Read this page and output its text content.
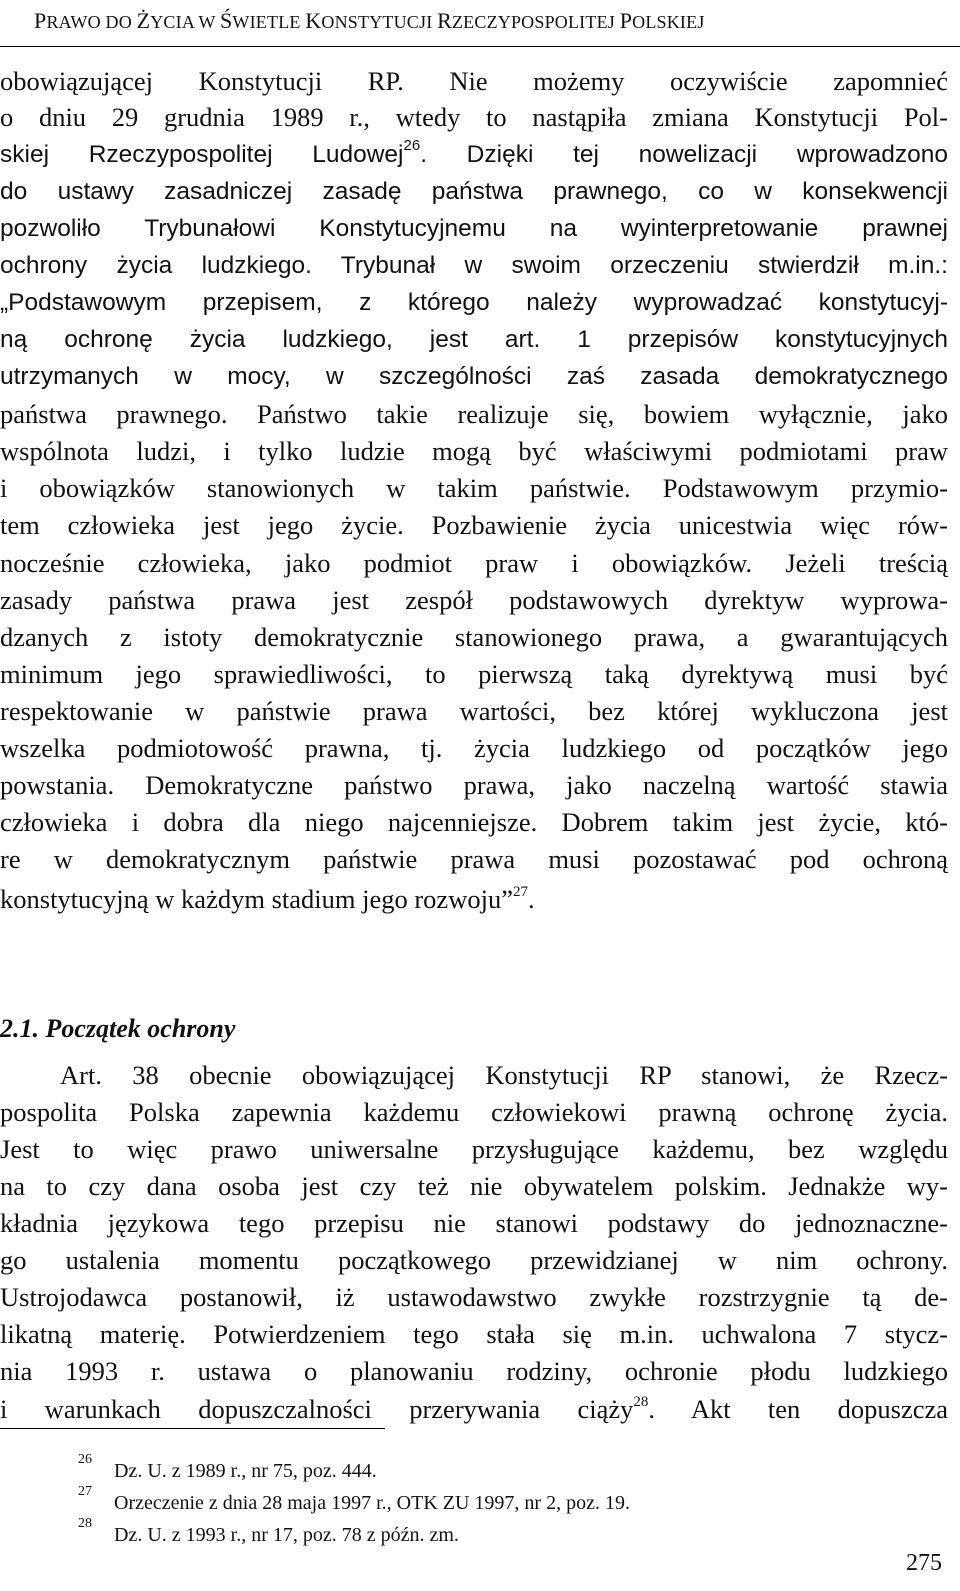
PRAWO DO ŻYCIA W ŚWIETLE KONSTYTUCJI RZECZYPOSPOLITEJ POLSKIEJ
obowiązującej Konstytucji RP. Nie możemy oczywiście zapomnieć
o dniu 29 grudnia 1989 r., wtedy to nastąpiła zmiana Konstytucji Pol-
skiej Rzeczypospolitej Ludowej$^{26}$. Dzięki tej nowelizacji wprowadzono
do ustawy zasadniczej zasadę państwa prawnego, co w konsekwencji
pozwoliło Trybunałowi Konstytucyjnemu na wyinterpretowanie prawnej
ochrony życia ludzkiego. Trybunał w swoim orzeczeniu stwierdził m.in.:
„Podstawowym przepisem, z którego należy wyprowadzać konstytucyj-
ną ochronę życia ludzkiego, jest art. 1 przepisów konstytucyjnych
utrzymanych w mocy, w szczególności zaś zasada demokratycznego
państwa prawnego. Państwo takie realizuje się, bowiem wyłącznie, jako
wspólnota ludzi, i tylko ludzie mogą być właściwymi podmiotami praw
i obowiązków stanowionych w takim państwie. Podstawowym przymio-
tem człowieka jest jego życie. Pozbawienie życia unicestwia więc rów-
nocześnie człowieka, jako podmiot praw i obowiązków. Jeżeli treścią
zasady państwa prawa jest zespół podstawowych dyrektyw wyprowa-
dzanych z istoty demokratycznie stanowionego prawa, a gwarantujących
minimum jego sprawiedliwości, to pierwszą taką dyrektywą musi być
respektowanie w państwie prawa wartości, bez której wykluczona jest
wszelka podmiotowość prawna, tj. życia ludzkiego od początków jego
powstania. Demokratyczne państwo prawa, jako naczelną wartość stawia
człowieka i dobra dla niego najcenniejsze. Dobrem takim jest życie, któ-
re w demokratycznym państwie prawa musi pozostawać pod ochroną
konstytucyjną w każdym stadium jego rozwoju”$^{27}$.
2.1. Początek ochrony
Art. 38 obecnie obowiązującej Konstytucji RP stanowi, że Rzecz-
pospolita Polska zapewnia każdemu człowiekowi prawną ochronę życia.
Jest to więc prawo uniwersalne przysługujące każdemu, bez względu
na to czy dana osoba jest czy też nie obywatelem polskim. Jednakże wy-
kładnia językowa tego przepisu nie stanowi podstawy do jednoznaczne-
go ustalenia momentu początkowego przewidzianej w nim ochrony.
Ustrojodawca postanowił, iż ustawodawstwo zwykłe rozstrzygnie tą de-
likatną materię. Potwierdzeniem tego stała się m.in. uchwalona 7 stycz-
nia 1993 r. ustawa o planowaniu rodziny, ochronie płodu ludzkiego
i warunkach dopuszczalności przerywania ciąży$^{28}$. Akt ten dopuszcza
26
Dz. U. z 1989 r., nr 75, poz. 444.
27
Orzeczenie z dnia 28 maja 1997 r., OTK ZU 1997, nr 2, poz. 19.
28
Dz. U. z 1993 r., nr 17, poz. 78 z późn. zm.
275
